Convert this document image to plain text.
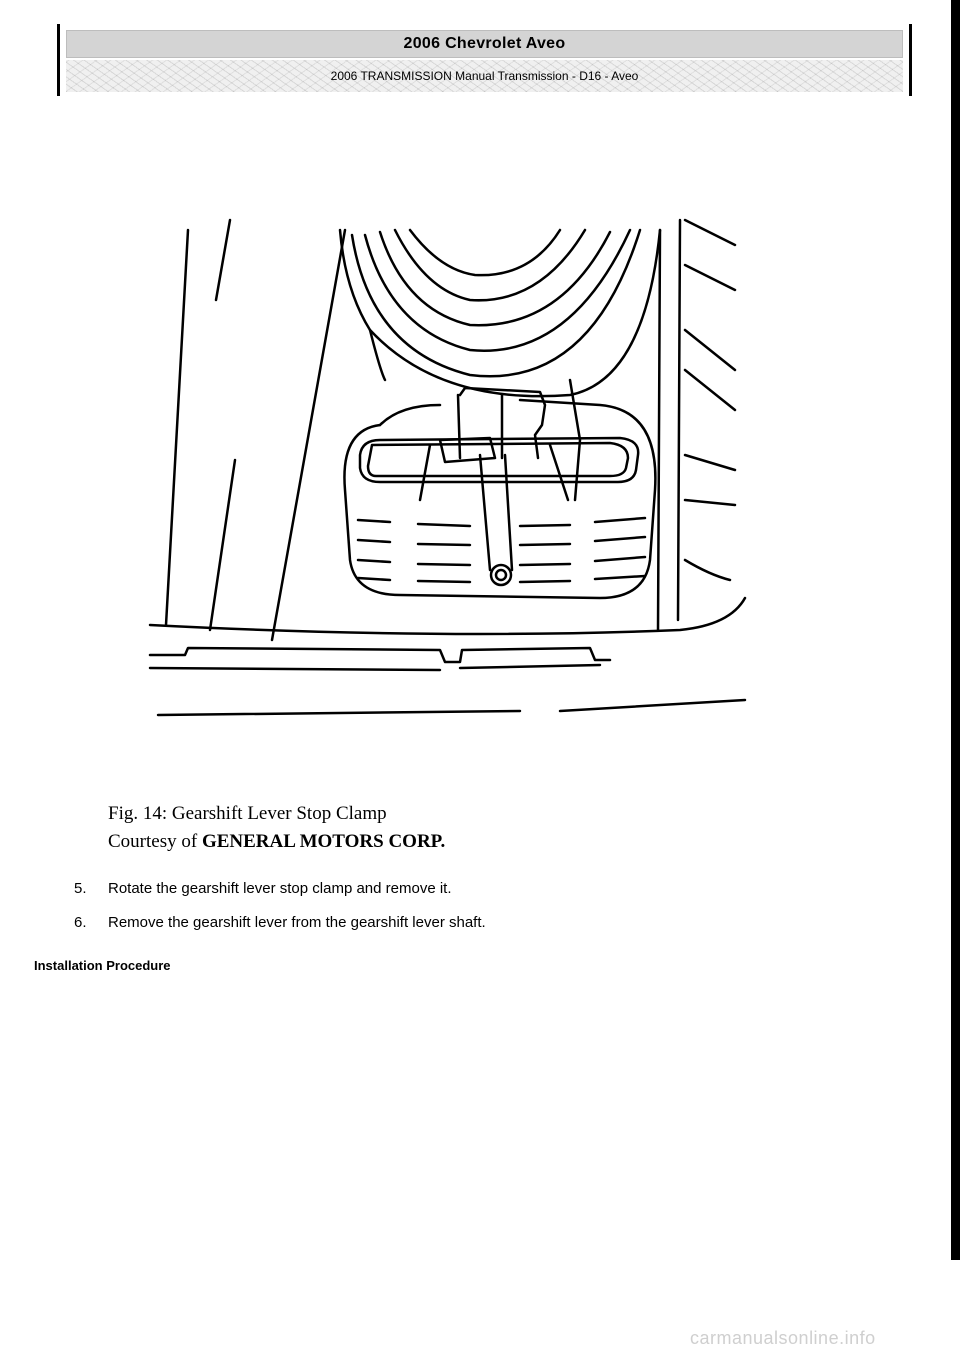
2006 Chevrolet Aveo
2006 TRANSMISSION Manual Transmission - D16 - Aveo
Fig. 14: Gearshift Lever Stop Clamp
Courtesy of GENERAL MOTORS CORP.
5.	Rotate the gearshift lever stop clamp and remove it.
6.	Remove the gearshift lever from the gearshift lever shaft.
Installation Procedure
carmanualsonline.info
